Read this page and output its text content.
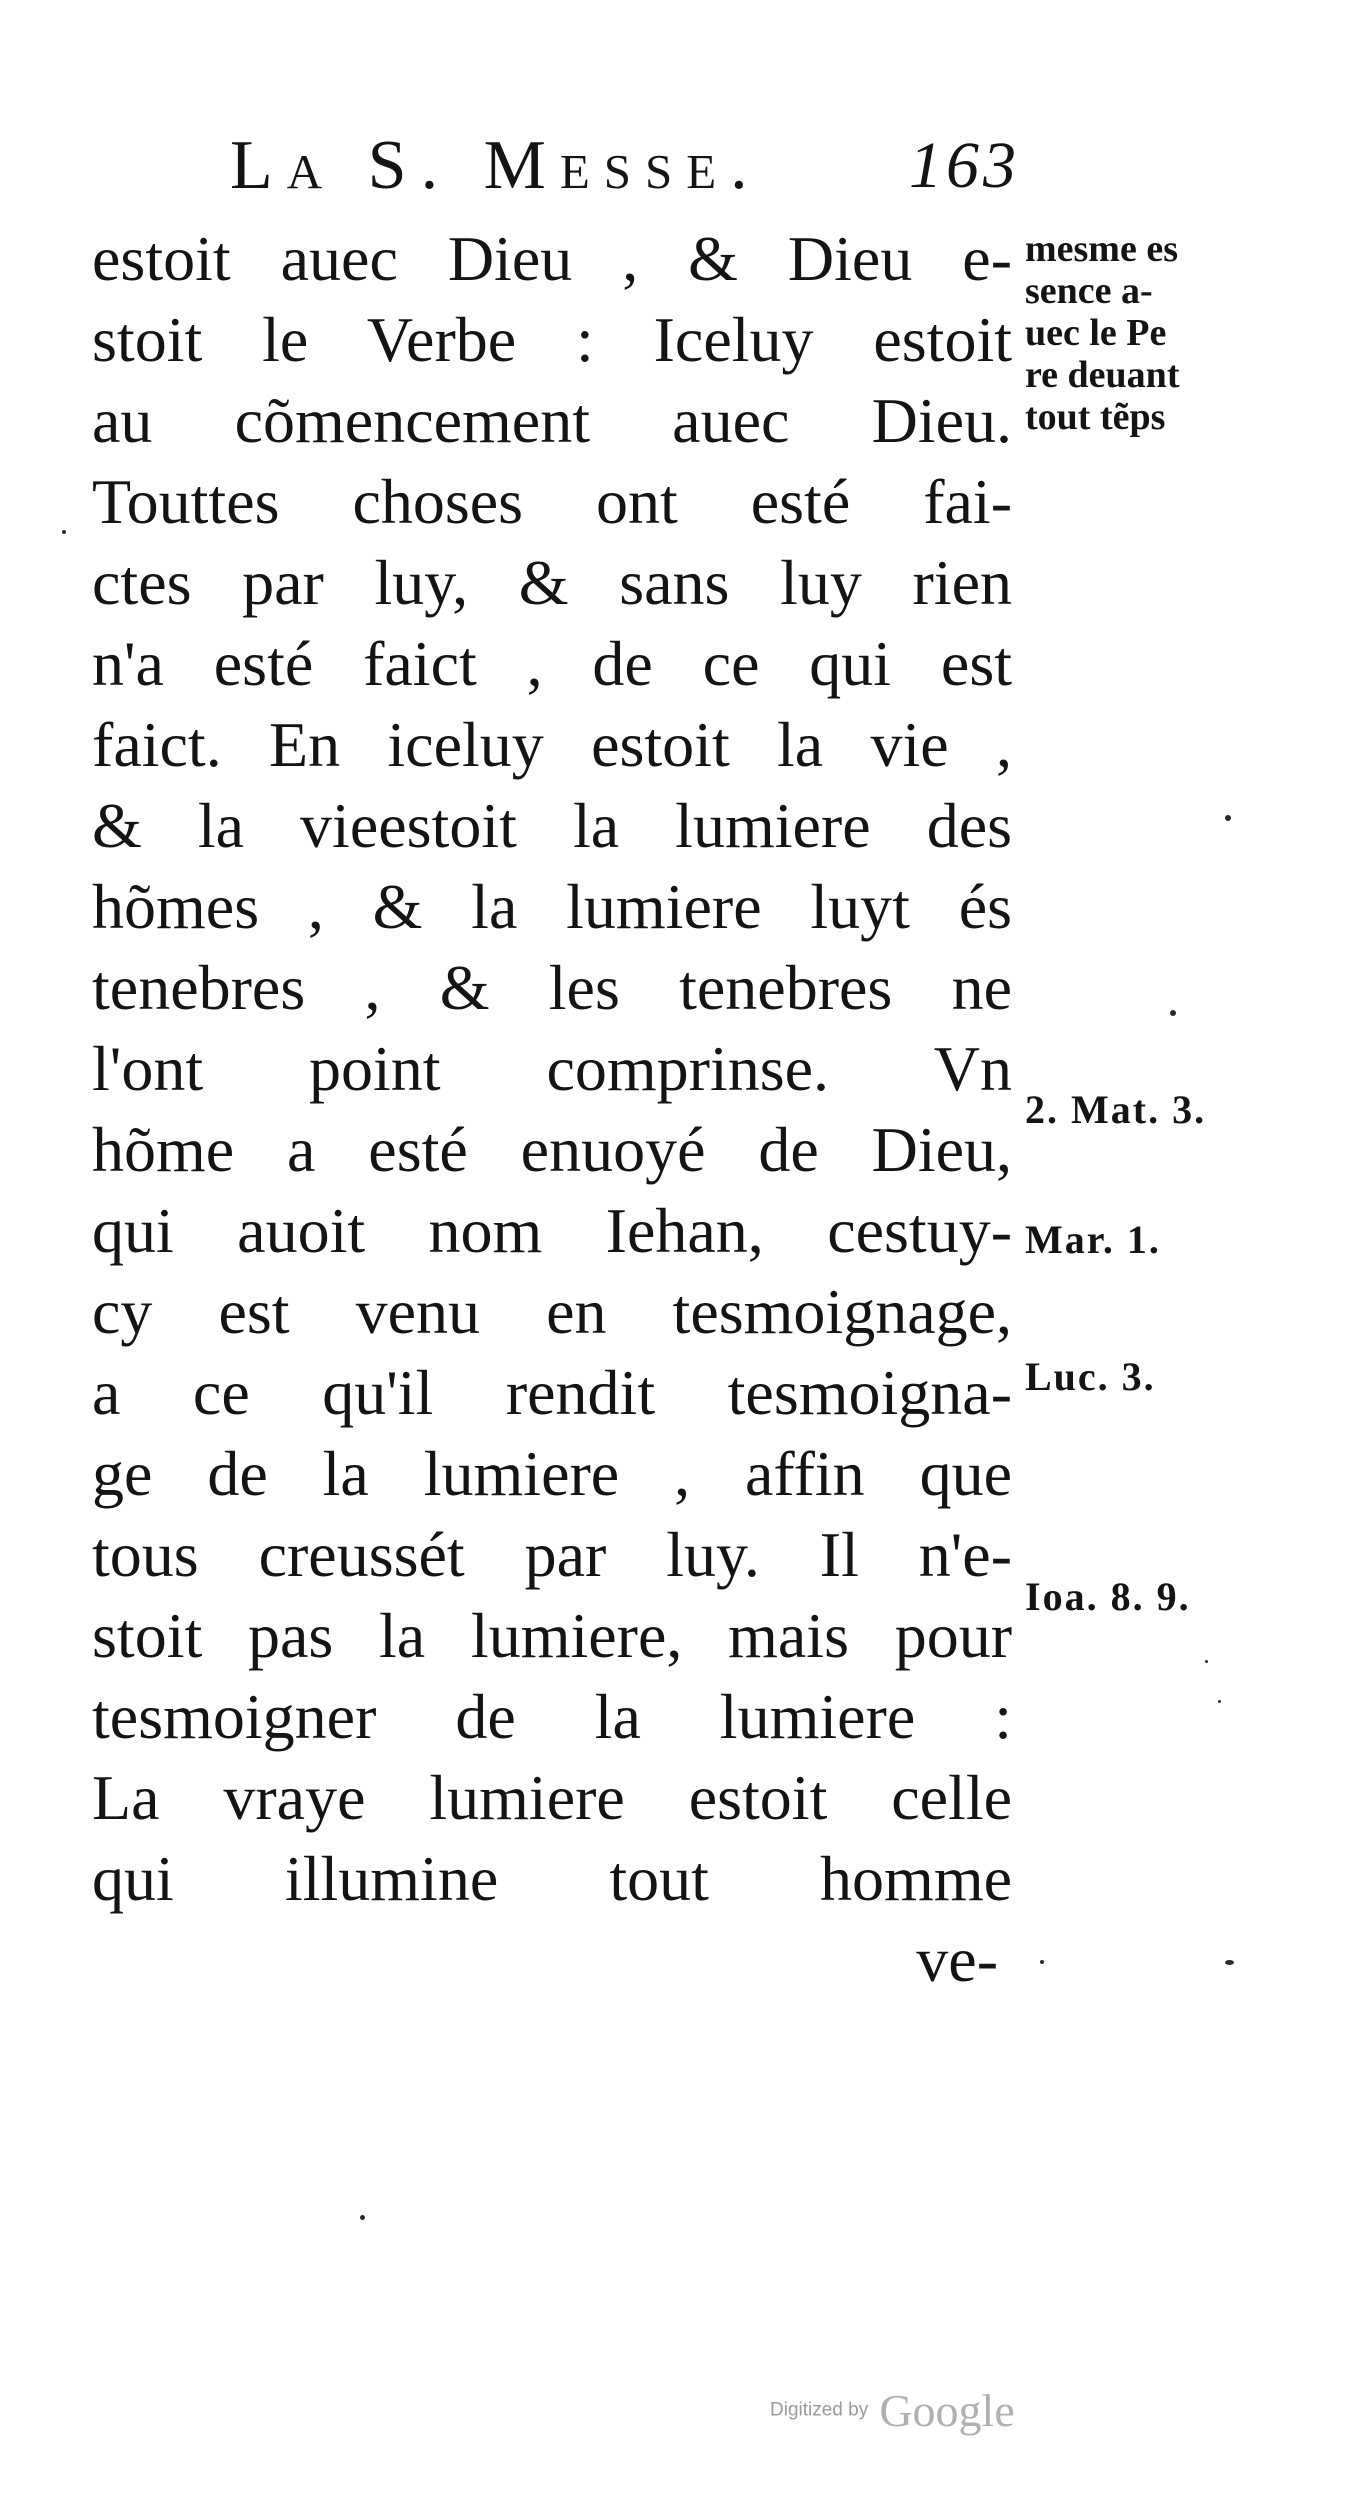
La S. Messe. 163
estoit auec Dieu , & Dieu e-
stoit le Verbe : Iceluy estoit
au cõmencement auec Dieu.
Touttes choses ont esté fai-
ctes par luy, & sans luy rien
n'a esté faict , de ce qui est
faict. En iceluy estoit la vie ,
& la vieestoit la lumiere des
hõmes , & la lumiere luyt és
tenebres , & les tenebres ne
l'ont point comprinse. Vn
hõme a esté enuoyé de Dieu,
qui auoit nom Iehan, cestuy-
cy est venu en tesmoignage,
a ce qu'il rendit tesmoigna-
ge de la lumiere , affin que
tous creussét par luy. Il n'e-
stoit pas la lumiere, mais pour
tesmoigner de la lumiere :
La vraye lumiere estoit celle
qui illumine tout homme
ve-
mesme es
sence a-
uec le Pe
re deuant
tout tẽps
2. Mat. 3.
Mar. 1.
Luc. 3.
Ioa. 8. 9.
Digitized by Google
